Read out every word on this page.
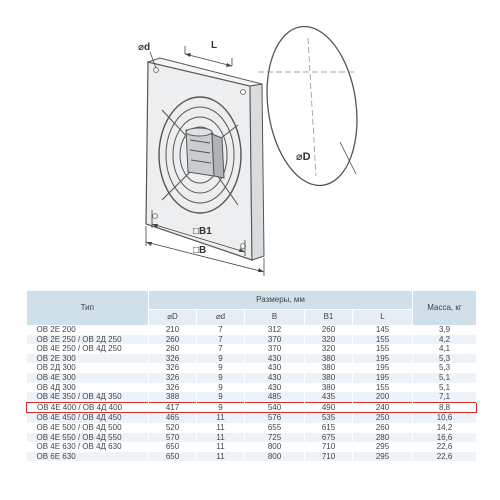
⌀d	L
⌀D
□B1
□B
Тип	Размеры, мм					Масса, кг
	⌀D	⌀d	B	B1	L	
ОВ 2Е 200	210	7	312	260	145	3,9
ОВ 2Е 250 / ОВ 2Д 250	260	7	370	320	155	4,2
ОВ 4Е 250 / ОВ 4Д 250	260	7	370	320	155	4,1
ОВ 2Е 300	326	9	430	380	195	5,3
ОВ 2Д 300	326	9	430	380	195	5,3
ОВ 4Е 300	326	9	430	380	195	5,1
ОВ 4Д 300	326	9	430	380	155	5,1
ОВ 4Е 350 / ОВ 4Д 350	388	9	485	435	200	7,1
ОВ 4Е 400 / ОВ 4Д 400	417	9	540	490	240	8,8
ОВ 4Е 450 / ОВ 4Д 450	465	11	576	535	250	10,6
ОВ 4Е 500 / ОВ 4Д 500	520	11	655	615	260	14,2
ОВ 4Е 550 / ОВ 4Д 550	570	11	725	675	280	16,6
ОВ 4Е 630 / ОВ 4Д 630	650	11	800	710	295	22,6
ОВ 6Е 630	650	11	800	710	295	22,6
